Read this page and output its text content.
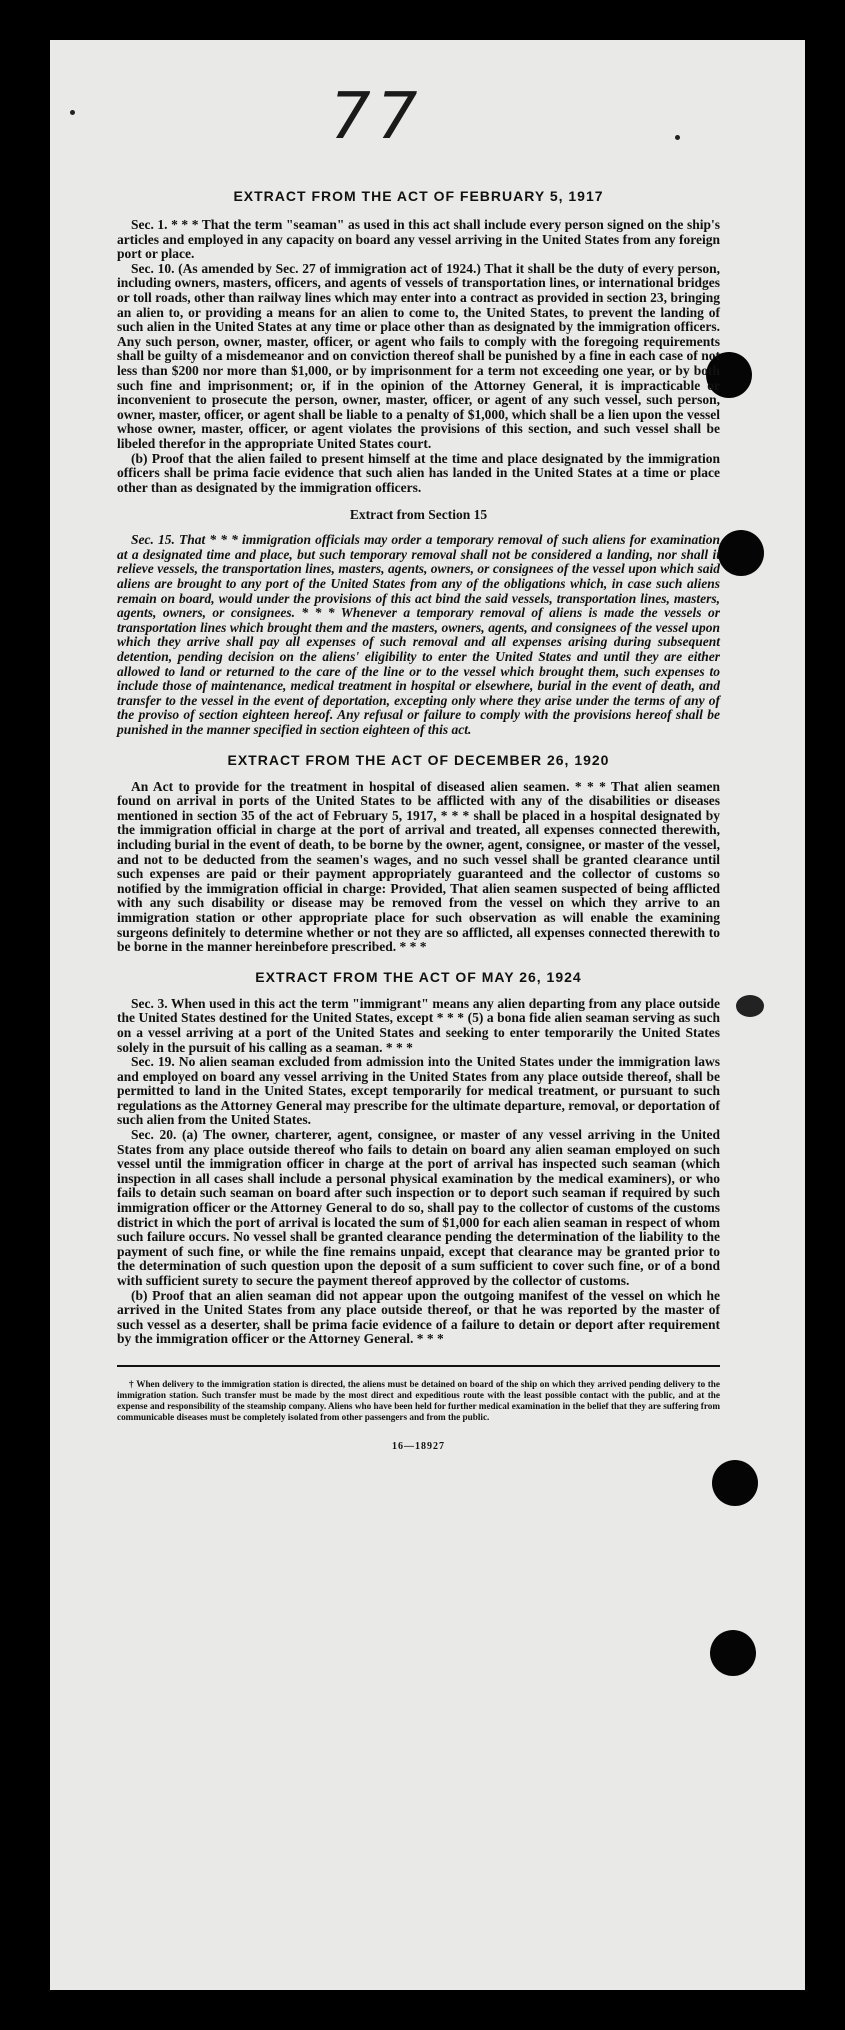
77
EXTRACT FROM THE ACT OF FEBRUARY 5, 1917

Sec. 1. * * * That the term "seaman" as used in this act shall include every person signed on the ship's articles and employed in any capacity on board any vessel arriving in the United States from any foreign port or place.

Sec. 10. (As amended by Sec. 27 of immigration act of 1924.) That it shall be the duty of every person, including owners, masters, officers, and agents of vessels of transportation lines, or international bridges or toll roads, other than railway lines which may enter into a contract as provided in section 23, bringing an alien to, or providing a means for an alien to come to, the United States, to prevent the landing of such alien in the United States at any time or place other than as designated by the immigration officers. Any such person, owner, master, officer, or agent who fails to comply with the foregoing requirements shall be guilty of a misdemeanor and on conviction thereof shall be punished by a fine in each case of not less than $200 nor more than $1,000, or by imprisonment for a term not exceeding one year, or by both such fine and imprisonment; or, if in the opinion of the Attorney General, it is impracticable or inconvenient to prosecute the person, owner, master, officer, or agent of any such vessel, such person, owner, master, officer, or agent shall be liable to a penalty of $1,000, which shall be a lien upon the vessel whose owner, master, officer, or agent violates the provisions of this section, and such vessel shall be libeled therefor in the appropriate United States court.

(b) Proof that the alien failed to present himself at the time and place designated by the immigration officers shall be prima facie evidence that such alien has landed in the United States at a time or place other than as designated by the immigration officers.

Extract from Section 15

Sec. 15. That * * * immigration officials may order a temporary removal of such aliens for examination at a designated time and place, but such temporary removal shall not be considered a landing, nor shall it relieve vessels, the transportation lines, masters, agents, owners, or consignees of the vessel upon which said aliens are brought to any port of the United States from any of the obligations which, in case such aliens remain on board, would under the provisions of this act bind the said vessels, transportation lines, masters, agents, owners, or consignees. * * * Whenever a temporary removal of aliens is made the vessels or transportation lines which brought them and the masters, owners, agents, and consignees of the vessel upon which they arrive shall pay all expenses of such removal and all expenses arising during subsequent detention, pending decision on the aliens' eligibility to enter the United States and until they are either allowed to land or returned to the care of the line or to the vessel which brought them, such expenses to include those of maintenance, medical treatment in hospital or elsewhere, burial in the event of death, and transfer to the vessel in the event of deportation, excepting only where they arise under the terms of any of the proviso of section eighteen hereof. Any refusal or failure to comply with the provisions hereof shall be punished in the manner specified in section eighteen of this act.

EXTRACT FROM THE ACT OF DECEMBER 26, 1920

An Act to provide for the treatment in hospital of diseased alien seamen. * * * That alien seamen found on arrival in ports of the United States to be afflicted with any of the disabilities or diseases mentioned in section 35 of the act of February 5, 1917, * * * shall be placed in a hospital designated by the immigration official in charge at the port of arrival and treated, all expenses connected therewith, including burial in the event of death, to be borne by the owner, agent, consignee, or master of the vessel, and not to be deducted from the seamen's wages, and no such vessel shall be granted clearance until such expenses are paid or their payment appropriately guaranteed and the collector of customs so notified by the immigration official in charge: Provided, That alien seamen suspected of being afflicted with any such disability or disease may be removed from the vessel on which they arrive to an immigration station or other appropriate place for such observation as will enable the examining surgeons definitely to determine whether or not they are so afflicted, all expenses connected therewith to be borne in the manner hereinbefore prescribed. * * *

EXTRACT FROM THE ACT OF MAY 26, 1924

Sec. 3. When used in this act the term "immigrant" means any alien departing from any place outside the United States destined for the United States, except * * * (5) a bona fide alien seaman serving as such on a vessel arriving at a port of the United States and seeking to enter temporarily the United States solely in the pursuit of his calling as a seaman. * * *

Sec. 19. No alien seaman excluded from admission into the United States under the immigration laws and employed on board any vessel arriving in the United States from any place outside thereof, shall be permitted to land in the United States, except temporarily for medical treatment, or pursuant to such regulations as the Attorney General may prescribe for the ultimate departure, removal, or deportation of such alien from the United States.

Sec. 20. (a) The owner, charterer, agent, consignee, or master of any vessel arriving in the United States from any place outside thereof who fails to detain on board any alien seaman employed on such vessel until the immigration officer in charge at the port of arrival has inspected such seaman (which inspection in all cases shall include a personal physical examination by the medical examiners), or who fails to detain such seaman on board after such inspection or to deport such seaman if required by such immigration officer or the Attorney General to do so, shall pay to the collector of customs of the customs district in which the port of arrival is located the sum of $1,000 for each alien seaman in respect of whom such failure occurs. No vessel shall be granted clearance pending the determination of the liability to the payment of such fine, or while the fine remains unpaid, except that clearance may be granted prior to the determination of such question upon the deposit of a sum sufficient to cover such fine, or of a bond with sufficient surety to secure the payment thereof approved by the collector of customs.

(b) Proof that an alien seaman did not appear upon the outgoing manifest of the vessel on which he arrived in the United States from any place outside thereof, or that he was reported by the master of such vessel as a deserter, shall be prima facie evidence of a failure to detain or deport after requirement by the immigration officer or the Attorney General. * * *

† When delivery to the immigration station is directed, the aliens must be detained on board of the ship on which they arrived pending delivery to the immigration station. Such transfer must be made by the most direct and expeditious route with the least possible contact with the public, and at the expense and responsibility of the steamship company. Aliens who have been held for further medical examination in the belief that they are suffering from communicable diseases must be completely isolated from other passengers and from the public.
16—18927
